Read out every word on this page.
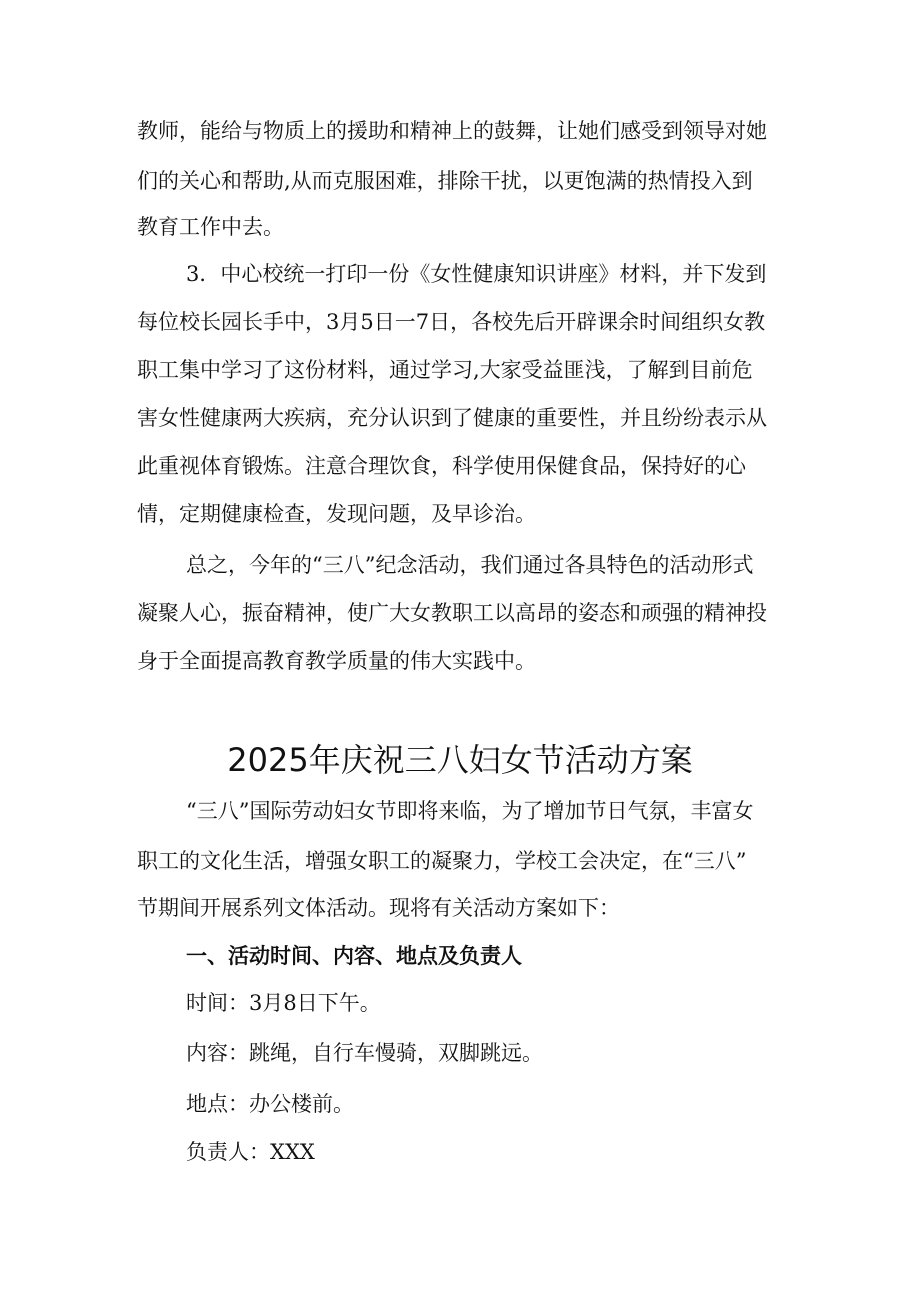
教师，能给与物质上的援助和精神上的鼓舞，让她们感受到领导对她
们的关心和帮助,从而克服困难，排除干扰，以更饱满的热情投入到
教育工作中去。
3．中心校统一打印一份《女性健康知识讲座》材料，并下发到
每位校长园长手中，3月5日一7日，各校先后开辟课余时间组织女教
职工集中学习了这份材料，通过学习,大家受益匪浅，了解到目前危
害女性健康两大疾病，充分认识到了健康的重要性，并且纷纷表示从
此重视体育锻炼。注意合理饮食，科学使用保健食品，保持好的心
情，定期健康检查，发现问题，及早诊治。
总之，今年的“三八”纪念活动，我们通过各具特色的活动形式
凝聚人心，振奋精神，使广大女教职工以高昂的姿态和顽强的精神投
身于全面提高教育教学质量的伟大实践中。
2025年庆祝三八妇女节活动方案
“三八”国际劳动妇女节即将来临，为了增加节日气氛，丰富女
职工的文化生活，增强女职工的凝聚力，学校工会决定，在“三八”
节期间开展系列文体活动。现将有关活动方案如下：
一、活动时间、内容、地点及负责人
时间：3月8日下午。
内容：跳绳，自行车慢骑，双脚跳远。
地点：办公楼前。
负责人：XXX
